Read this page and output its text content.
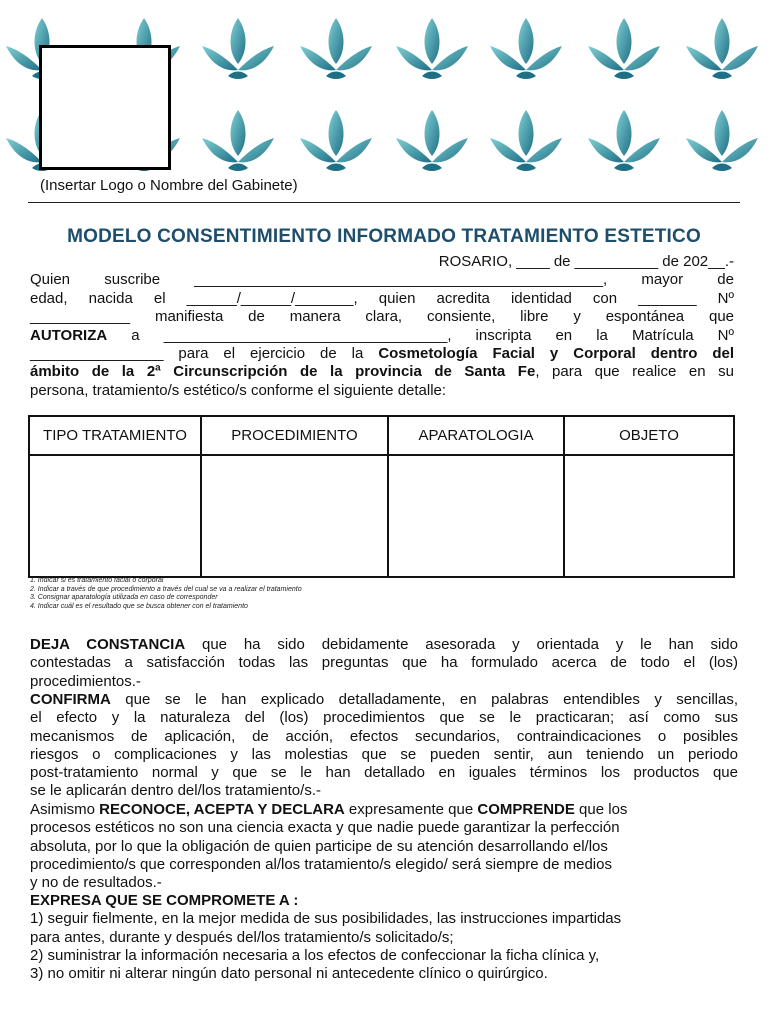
(Insertar Logo o Nombre del Gabinete)
MODELO CONSENTIMIENTO INFORMADO TRATAMIENTO ESTETICO
ROSARIO, ____ de __________ de 202__.-
Quien suscribe _________________________________________________, mayor de
edad, nacida el ______/______/_______, quien acredita identidad con _______ Nº
____________ manifiesta de manera clara, consiente, libre y espontánea que
AUTORIZA a __________________________________, inscripta en la Matrícula Nº
________________ para el ejercicio de la Cosmetología Facial y Corporal dentro del
ámbito de la 2ª Circunscripción de la provincia de Santa Fe, para que realice en su
persona, tratamiento/s estético/s conforme el siguiente detalle:
TIPO TRATAMIENTO	PROCEDIMIENTO	APARATOLOGIA	OBJETO

1. Indicar si es tratamiento facial o corporal
2. Indicar a través de que procedimiento a través del cual se va a realizar el tratamiento
3. Consignar aparatología utilizada en caso de corresponder
4. Indicar cuál es el resultado que se busca obtener con el tratamiento
DEJA CONSTANCIA que ha sido debidamente asesorada y orientada y le han sido
contestadas a satisfacción todas las preguntas que ha formulado acerca de todo el (los)
procedimientos.-
CONFIRMA que se le han explicado detalladamente, en palabras entendibles y sencillas,
el efecto y la naturaleza del (los) procedimientos que se le practicaran; así como sus
mecanismos de aplicación, de acción, efectos secundarios, contraindicaciones o posibles
riesgos o complicaciones y las molestias que se pueden sentir, aun teniendo un periodo
post-tratamiento normal y que se le han detallado en iguales términos los productos que
se le aplicarán dentro del/los tratamiento/s.-
Asimismo RECONOCE, ACEPTA Y DECLARA expresamente que COMPRENDE que los
procesos estéticos no son una ciencia exacta y que nadie puede garantizar la perfección
absoluta, por lo que la obligación de quien participe de su atención desarrollando el/los
procedimiento/s que corresponden al/los tratamiento/s elegido/ será siempre de medios
y no de resultados.-
EXPRESA QUE SE COMPROMETE A :
1) seguir fielmente, en la mejor medida de sus posibilidades, las instrucciones impartidas
para antes, durante y después del/los tratamiento/s solicitado/s;
2) suministrar la información necesaria a los efectos de confeccionar la ficha clínica y,
3) no omitir ni alterar ningún dato personal ni antecedente clínico o quirúrgico.
